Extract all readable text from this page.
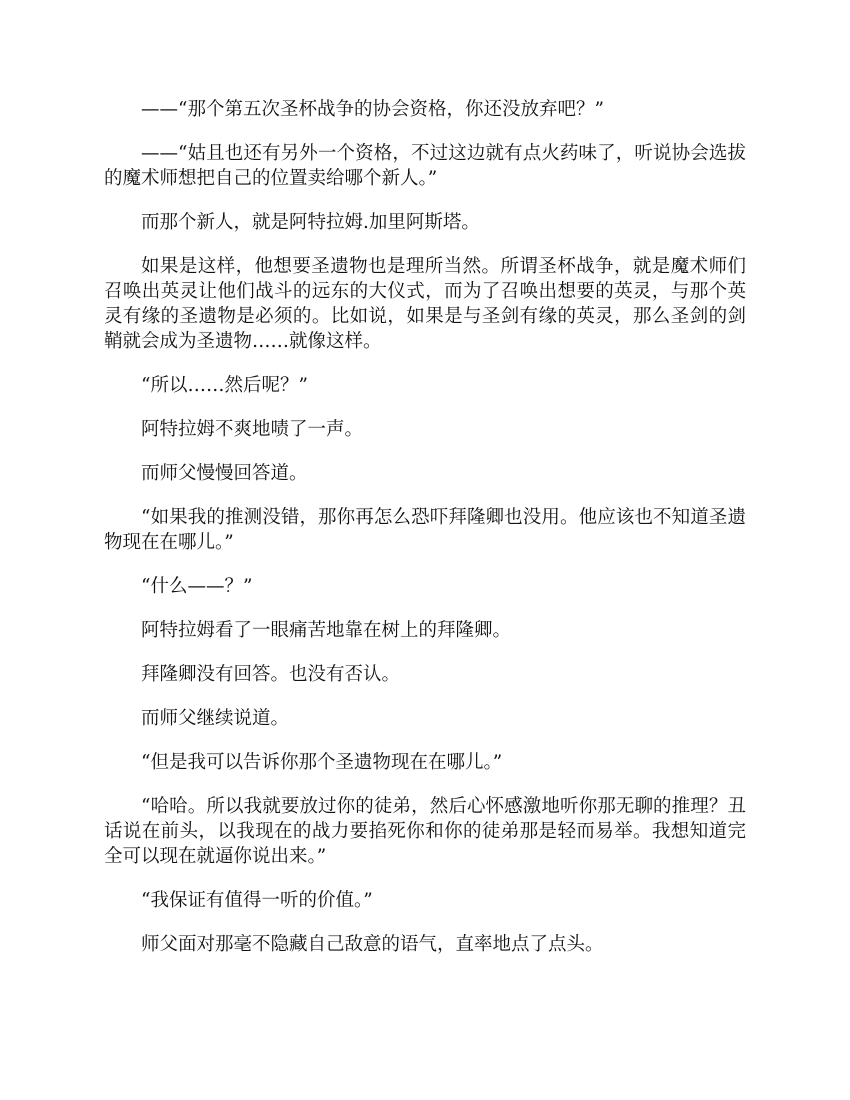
——“那个第五次圣杯战争的协会资格，你还没放弃吧？”

——“姑且也还有另外一个资格，不过这边就有点火药味了，听说协会选拔的魔术师想把自己的位置卖给哪个新人。”

而那个新人，就是阿特拉姆.加里阿斯塔。

如果是这样，他想要圣遗物也是理所当然。所谓圣杯战争，就是魔术师们召唤出英灵让他们战斗的远东的大仪式，而为了召唤出想要的英灵，与那个英灵有缘的圣遗物是必须的。比如说，如果是与圣剑有缘的英灵，那么圣剑的剑鞘就会成为圣遗物……就像这样。

“所以……然后呢？”

阿特拉姆不爽地啧了一声。

而师父慢慢回答道。

“如果我的推测没错，那你再怎么恐吓拜隆卿也没用。他应该也不知道圣遗物现在在哪儿。”

“什么——？”

阿特拉姆看了一眼痛苦地靠在树上的拜隆卿。

拜隆卿没有回答。也没有否认。

而师父继续说道。

“但是我可以告诉你那个圣遗物现在在哪儿。”

“哈哈。所以我就要放过你的徒弟，然后心怀感激地听你那无聊的推理？丑话说在前头，以我现在的战力要掐死你和你的徒弟那是轻而易举。我想知道完全可以现在就逼你说出来。”

“我保证有值得一听的价值。”

师父面对那毫不隐藏自己敌意的语气，直率地点了点头。
